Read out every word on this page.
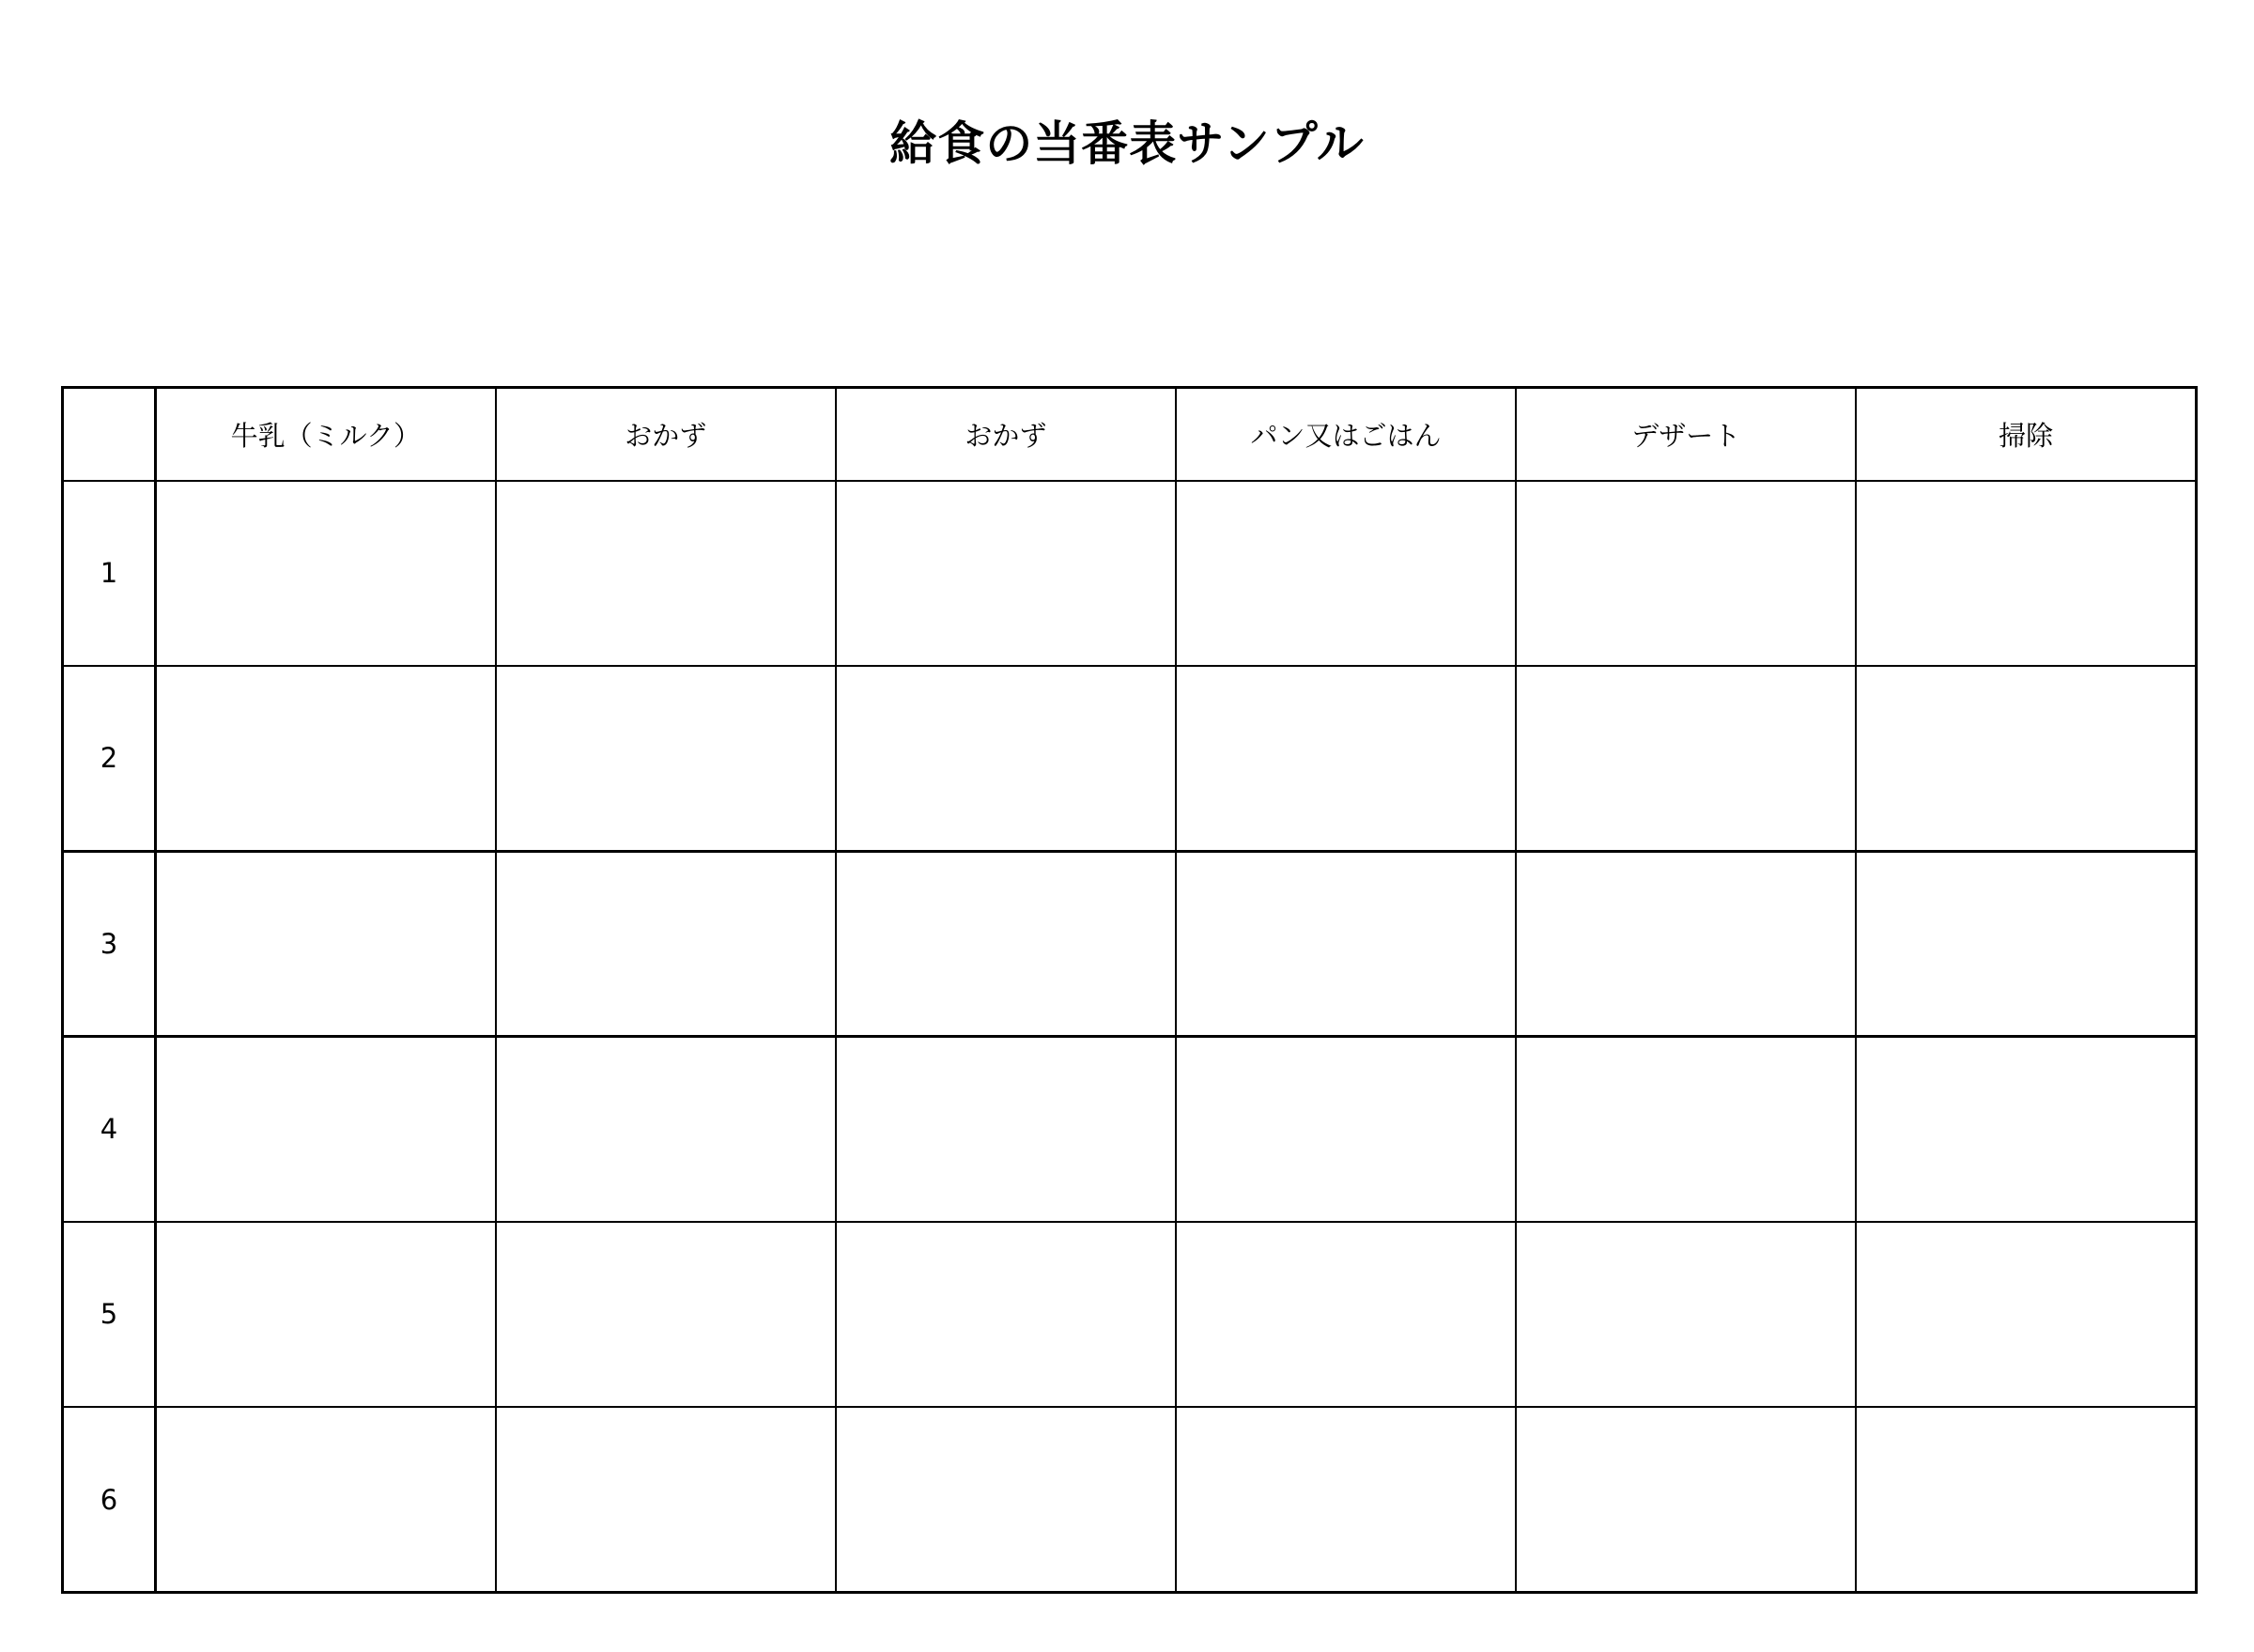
給食の当番表サンプル
	牛乳（ミルク）	おかず	おかず	パン又はごはん	デザート	掃除
1						
2						
3						
4						
5						
6						
